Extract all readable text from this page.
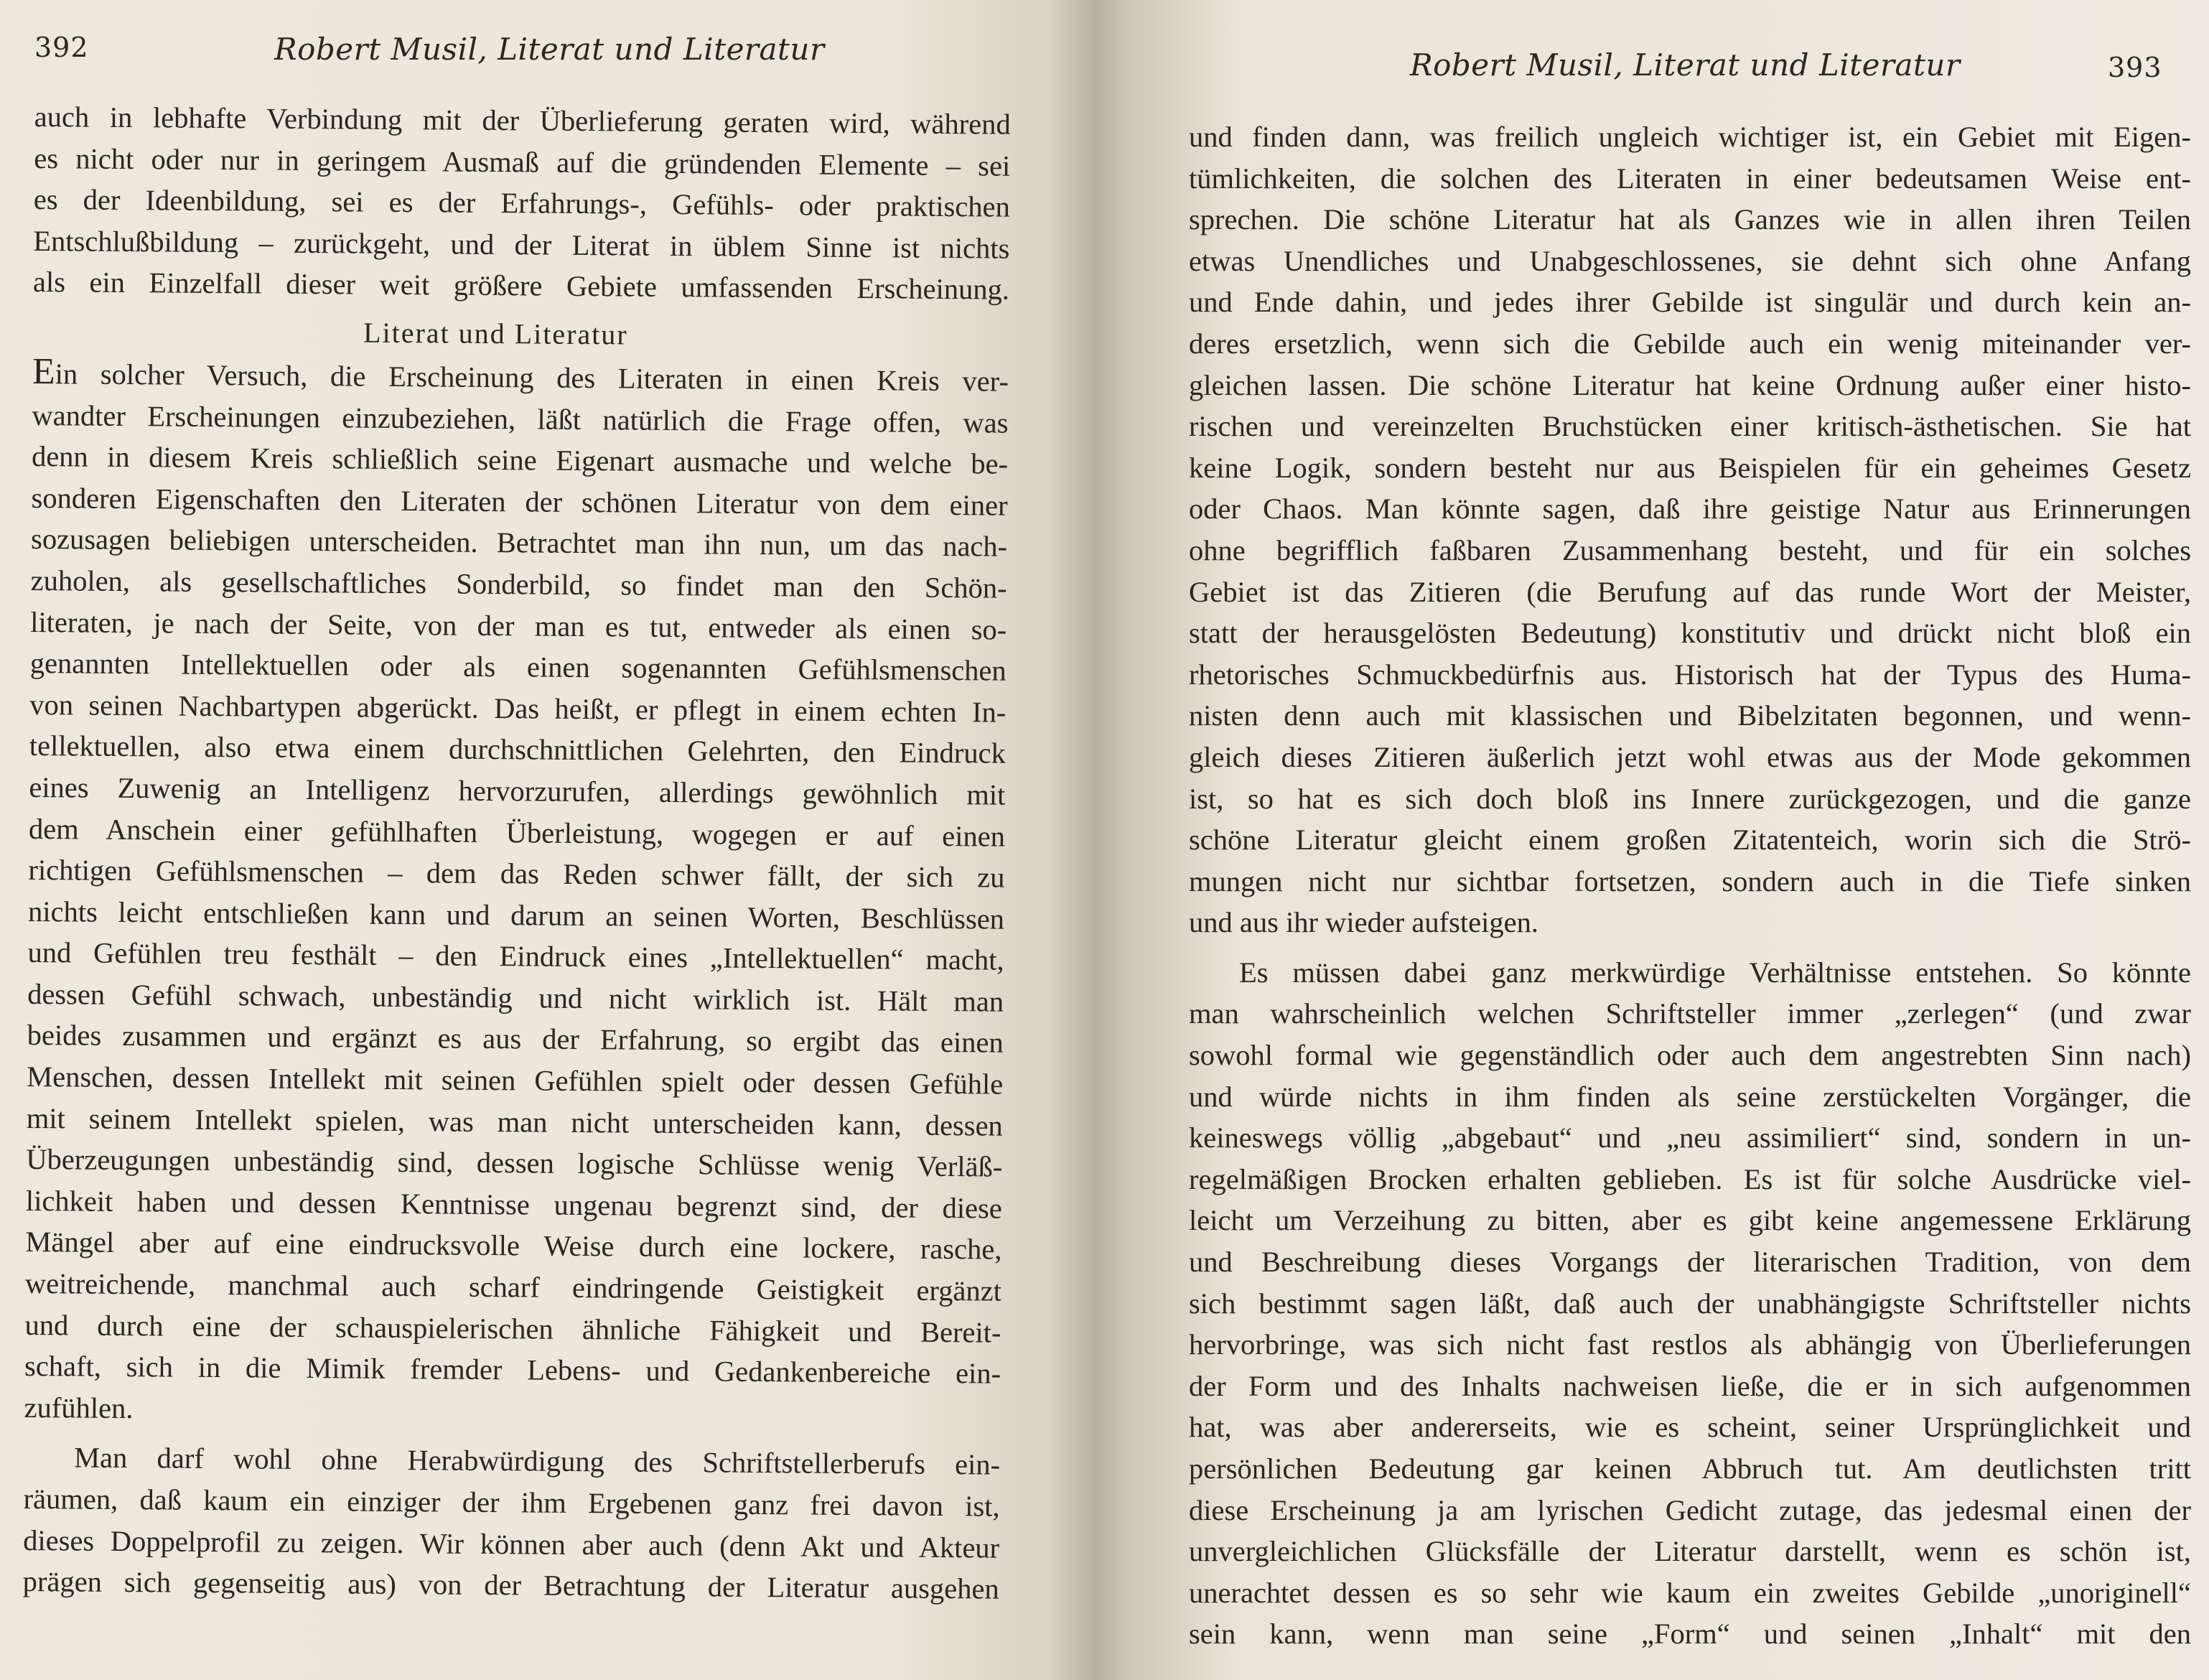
392	Robert Musil, Literat und Literatur
auch in lebhafte Verbindung mit der Überlieferung geraten wird, während
es nicht oder nur in geringem Ausmaß auf die gründenden Elemente – sei
es der Ideenbildung, sei es der Erfahrungs-, Gefühls- oder praktischen
Entschlußbildung – zurückgeht, und der Literat in üblem Sinne ist nichts
als ein Einzelfall dieser weit größere Gebiete umfassenden Erscheinung.
Literat und Literatur
Ein solcher Versuch, die Erscheinung des Literaten in einen Kreis ver-
wandter Erscheinungen einzubeziehen, läßt natürlich die Frage offen, was
denn in diesem Kreis schließlich seine Eigenart ausmache und welche be-
sonderen Eigenschaften den Literaten der schönen Literatur von dem einer
sozusagen beliebigen unterscheiden. Betrachtet man ihn nun, um das nach-
zuholen, als gesellschaftliches Sonderbild, so findet man den Schön-
literaten, je nach der Seite, von der man es tut, entweder als einen so-
genannten Intellektuellen oder als einen sogenannten Gefühlsmenschen
von seinen Nachbartypen abgerückt. Das heißt, er pflegt in einem echten In-
tellektuellen, also etwa einem durchschnittlichen Gelehrten, den Eindruck
eines Zuwenig an Intelligenz hervorzurufen, allerdings gewöhnlich mit
dem Anschein einer gefühlhaften Überleistung, wogegen er auf einen
richtigen Gefühlsmenschen – dem das Reden schwer fällt, der sich zu
nichts leicht entschließen kann und darum an seinen Worten, Beschlüssen
und Gefühlen treu festhält – den Eindruck eines „Intellektuellen“ macht,
dessen Gefühl schwach, unbeständig und nicht wirklich ist. Hält man
beides zusammen und ergänzt es aus der Erfahrung, so ergibt das einen
Menschen, dessen Intellekt mit seinen Gefühlen spielt oder dessen Gefühle
mit seinem Intellekt spielen, was man nicht unterscheiden kann, dessen
Überzeugungen unbeständig sind, dessen logische Schlüsse wenig Verläß-
lichkeit haben und dessen Kenntnisse ungenau begrenzt sind, der diese
Mängel aber auf eine eindrucksvolle Weise durch eine lockere, rasche,
weitreichende, manchmal auch scharf eindringende Geistigkeit ergänzt
und durch eine der schauspielerischen ähnliche Fähigkeit und Bereit-
schaft, sich in die Mimik fremder Lebens- und Gedankenbereiche ein-
zufühlen.
Man darf wohl ohne Herabwürdigung des Schriftstellerberufs ein-
räumen, daß kaum ein einziger der ihm Ergebenen ganz frei davon ist,
dieses Doppelprofil zu zeigen. Wir können aber auch (denn Akt und Akteur
prägen sich gegenseitig aus) von der Betrachtung der Literatur ausgehen
Robert Musil, Literat und Literatur	393
und finden dann, was freilich ungleich wichtiger ist, ein Gebiet mit Eigen-
tümlichkeiten, die solchen des Literaten in einer bedeutsamen Weise ent-
sprechen. Die schöne Literatur hat als Ganzes wie in allen ihren Teilen
etwas Unendliches und Unabgeschlossenes, sie dehnt sich ohne Anfang
und Ende dahin, und jedes ihrer Gebilde ist singulär und durch kein an-
deres ersetzlich, wenn sich die Gebilde auch ein wenig miteinander ver-
gleichen lassen. Die schöne Literatur hat keine Ordnung außer einer histo-
rischen und vereinzelten Bruchstücken einer kritisch-ästhetischen. Sie hat
keine Logik, sondern besteht nur aus Beispielen für ein geheimes Gesetz
oder Chaos. Man könnte sagen, daß ihre geistige Natur aus Erinnerungen
ohne begrifflich faßbaren Zusammenhang besteht, und für ein solches
Gebiet ist das Zitieren (die Berufung auf das runde Wort der Meister,
statt der herausgelösten Bedeutung) konstitutiv und drückt nicht bloß ein
rhetorisches Schmuckbedürfnis aus. Historisch hat der Typus des Huma-
nisten denn auch mit klassischen und Bibelzitaten begonnen, und wenn-
gleich dieses Zitieren äußerlich jetzt wohl etwas aus der Mode gekommen
ist, so hat es sich doch bloß ins Innere zurückgezogen, und die ganze
schöne Literatur gleicht einem großen Zitatenteich, worin sich die Strö-
mungen nicht nur sichtbar fortsetzen, sondern auch in die Tiefe sinken
und aus ihr wieder aufsteigen.
Es müssen dabei ganz merkwürdige Verhältnisse entstehen. So könnte
man wahrscheinlich welchen Schriftsteller immer „zerlegen“ (und zwar
sowohl formal wie gegenständlich oder auch dem angestrebten Sinn nach)
und würde nichts in ihm finden als seine zerstückelten Vorgänger, die
keineswegs völlig „abgebaut“ und „neu assimiliert“ sind, sondern in un-
regelmäßigen Brocken erhalten geblieben. Es ist für solche Ausdrücke viel-
leicht um Verzeihung zu bitten, aber es gibt keine angemessene Erklärung
und Beschreibung dieses Vorgangs der literarischen Tradition, von dem
sich bestimmt sagen läßt, daß auch der unabhängigste Schriftsteller nichts
hervorbringe, was sich nicht fast restlos als abhängig von Überlieferungen
der Form und des Inhalts nachweisen ließe, die er in sich aufgenommen
hat, was aber andererseits, wie es scheint, seiner Ursprünglichkeit und
persönlichen Bedeutung gar keinen Abbruch tut. Am deutlichsten tritt
diese Erscheinung ja am lyrischen Gedicht zutage, das jedesmal einen der
unvergleichlichen Glücksfälle der Literatur darstellt, wenn es schön ist,
unerachtet dessen es so sehr wie kaum ein zweites Gebilde „unoriginell“
sein kann, wenn man seine „Form“ und seinen „Inhalt“ mit den
